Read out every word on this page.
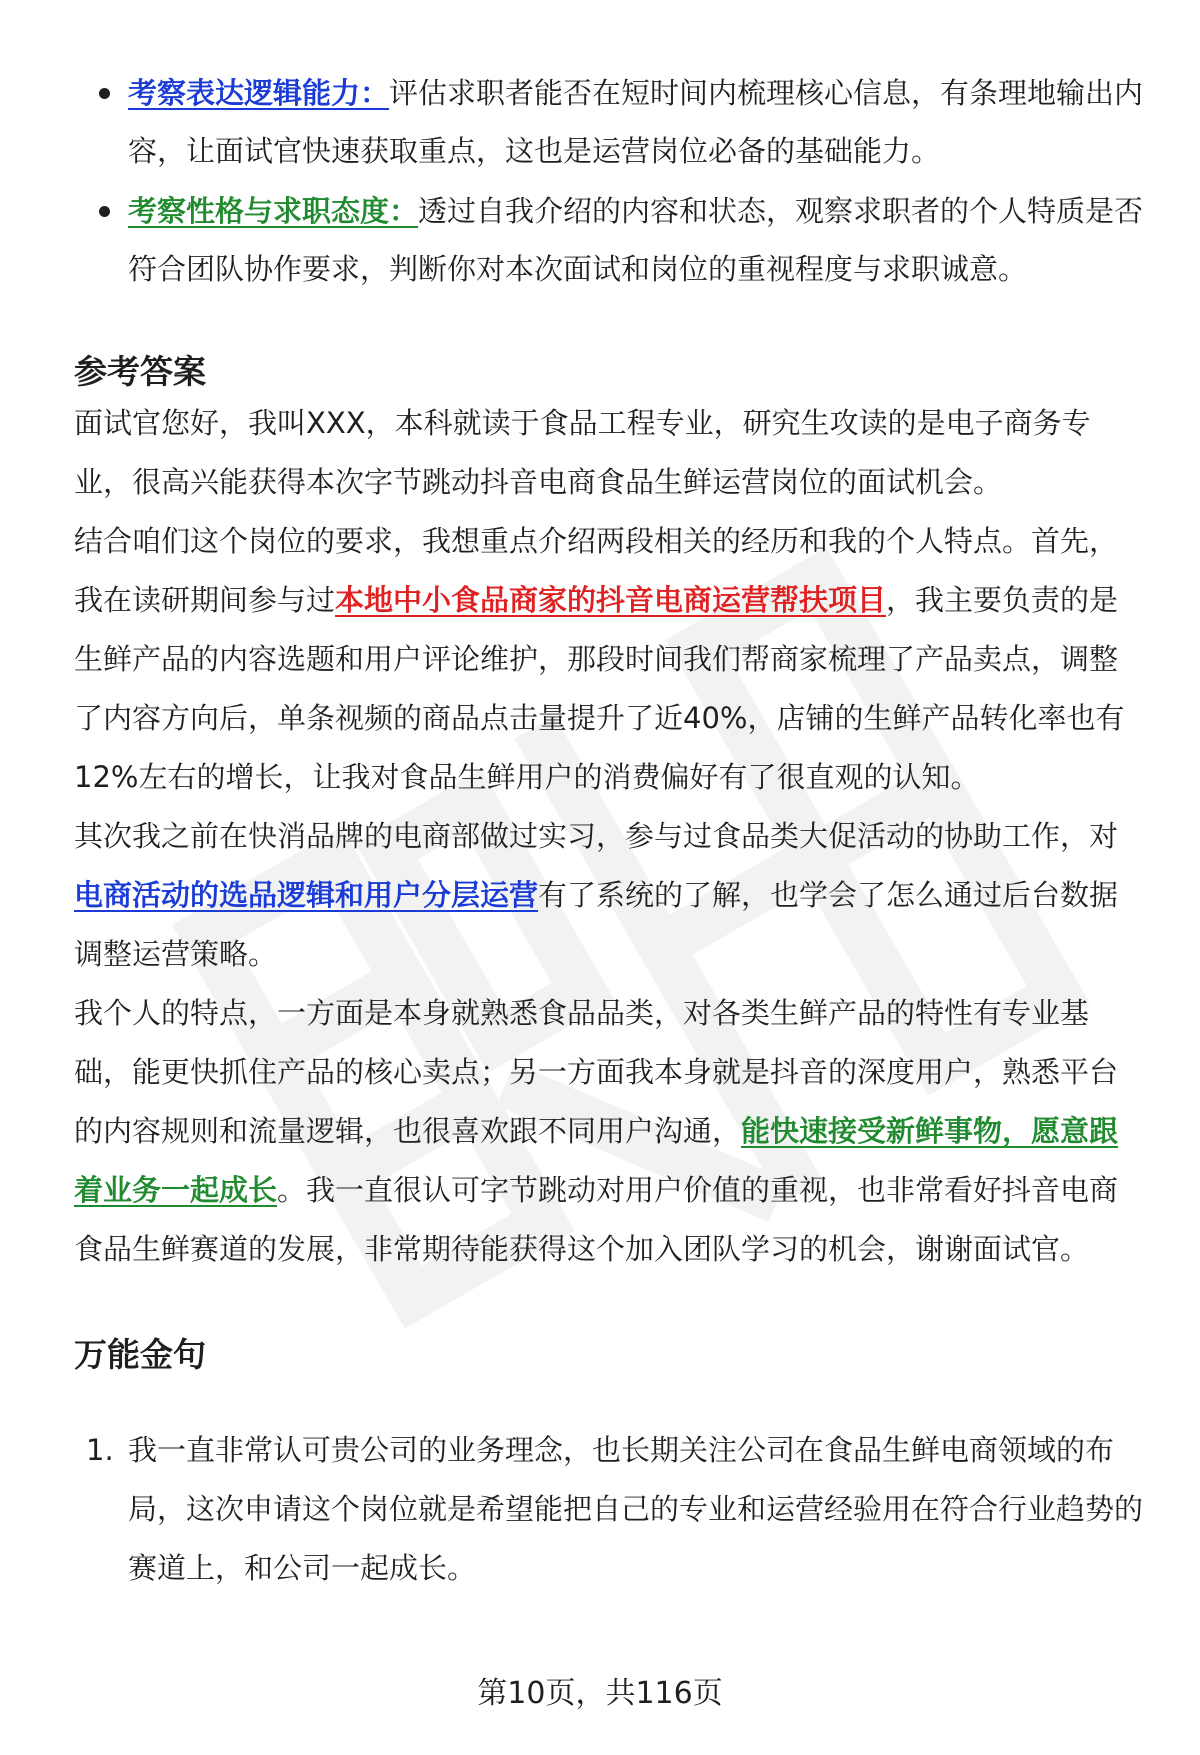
考察表达逻辑能力：评估求职者能否在短时间内梳理核心信息，有条理地输出内容，让面试官快速获取重点，这也是运营岗位必备的基础能力。
考察性格与求职态度：透过自我介绍的内容和状态，观察求职者的个人特质是否符合团队协作要求，判断你对本次面试和岗位的重视程度与求职诚意。
参考答案

面试官您好，我叫XXX，本科就读于食品工程专业，研究生攻读的是电子商务专业，很高兴能获得本次字节跳动抖音电商食品生鲜运营岗位的面试机会。

结合咱们这个岗位的要求，我想重点介绍两段相关的经历和我的个人特点。首先，我在读研期间参与过本地中小食品商家的抖音电商运营帮扶项目，我主要负责的是生鲜产品的内容选题和用户评论维护，那段时间我们帮商家梳理了产品卖点，调整了内容方向后，单条视频的商品点击量提升了近40%，店铺的生鲜产品转化率也有12%左右的增长，让我对食品生鲜用户的消费偏好有了很直观的认知。

其次我之前在快消品牌的电商部做过实习，参与过食品类大促活动的协助工作，对电商活动的选品逻辑和用户分层运营有了系统的了解，也学会了怎么通过后台数据调整运营策略。

我个人的特点，一方面是本身就熟悉食品品类，对各类生鲜产品的特性有专业基础，能更快抓住产品的核心卖点；另一方面我本身就是抖音的深度用户，熟悉平台的内容规则和流量逻辑，也很喜欢跟不同用户沟通，能快速接受新鲜事物，愿意跟着业务一起成长。我一直很认可字节跳动对用户价值的重视，也非常看好抖音电商食品生鲜赛道的发展，非常期待能获得这个加入团队学习的机会，谢谢面试官。

万能金句
1. 我一直非常认可贵公司的业务理念，也长期关注公司在食品生鲜电商领域的布局，这次申请这个岗位就是希望能把自己的专业和运营经验用在符合行业趋势的赛道上，和公司一起成长。
第10页，共116页
